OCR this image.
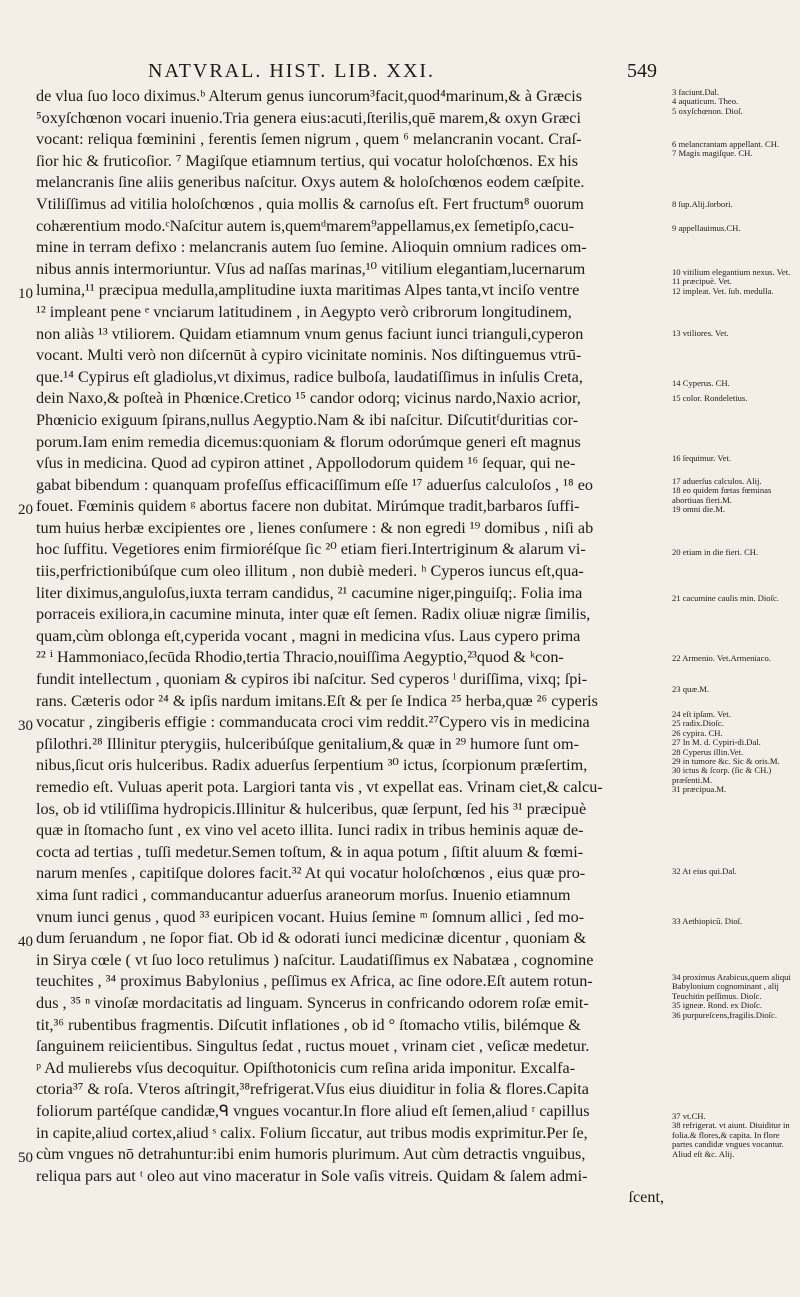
NATVRAL. HIST. LIB. XXI.	549
de vlua ſuo loco diximus.ᵇ Alterum genus iuncorum³facit,quod⁴marinum,& à Græcis
⁵oxyſchœnon vocari inuenio.Tria genera eius:acuti,ſterilis,quē marem,& oxyn Græci
vocant: reliqua fœminini , ferentis ſemen nigrum , quem ⁶ melancranin vocant. Craſ-
ſior hic & fruticoſior. ⁷ Magiſque etiamnum tertius, qui vocatur holoſchœnos. Ex his
melancranis ſine aliis generibus naſcitur. Oxys autem & holoſchœnos eodem cæſpite.
Vtiliſſimus ad vitilia holoſchœnos , quia mollis & carnoſus eſt. Fert fructum⁸ ouorum
cohærentium modo.ᶜNaſcitur autem is,quemᵈmarem⁹appellamus,ex ſemetipſo,cacu-
mine in terram defixo : melancranis autem ſuo ſemine. Alioquin omnium radices om-
nibus annis intermoriuntur. Vſus ad naſſas marinas,¹⁰ vitilium elegantiam,lucernarum
lumina,¹¹ præcipua medulla,amplitudine iuxta maritimas Alpes tanta,vt inciſo ventre
¹² impleant pene ᵉ vnciarum latitudinem , in Aegypto verò cribrorum longitudinem,
non aliàs ¹³ vtiliorem. Quidam etiamnum vnum genus faciunt iunci trianguli,cyperon
vocant. Multi verò non diſcernūt à cypiro vicinitate nominis. Nos diſtinguemus vtrū-
que.¹⁴ Cypirus eſt gladiolus,vt diximus, radice bulboſa, laudatiſſimus in inſulis Creta,
dein Naxo,& poſteà in Phœnice.Cretico ¹⁵ candor odorq; vicinus nardo,Naxio acrior,
Phœnicio exiguum ſpirans,nullus Aegyptio.Nam & ibi naſcitur. Diſcutitᶠduritias cor-
porum.Iam enim remedia dicemus:quoniam & florum odorúmque generi eſt magnus
vſus in medicina. Quod ad cypiron attinet , Appollodorum quidem ¹⁶ ſequar, qui ne-
gabat bibendum : quanquam profeſſus efficaciſſimum eſſe ¹⁷ aduerſus calculoſos , ¹⁸ eo
fouet. Fœminis quidem ᵍ abortus facere non dubitat. Mirúmque tradit,barbaros ſuffi-
tum huius herbæ excipientes ore , lienes conſumere : & non egredi ¹⁹ domibus , niſi ab
hoc ſuffitu. Vegetiores enim firmioréſque ſic ²⁰ etiam fieri.Intertriginum & alarum vi-
tiis,perfrictionibúſque cum oleo illitum , non dubiè mederi. ʰ Cyperos iuncus eſt,qua-
liter diximus,anguloſus,iuxta terram candidus, ²¹ cacumine niger,pinguiſq;. Folia ima
porraceis exiliora,in cacumine minuta, inter quæ eſt ſemen. Radix oliuæ nigræ ſimilis,
quam,cùm oblonga eſt,cyperida vocant , magni in medicina vſus. Laus cypero prima
²² ⁱ Hammoniaco,ſecūda Rhodio,tertia Thracio,nouiſſima Aegyptio,²³quod & ᵏcon-
fundit intellectum , quoniam & cypiros ibi naſcitur. Sed cyperos ˡ duriſſima, vixq; ſpi-
rans. Cæteris odor ²⁴ & ipſis nardum imitans.Eſt & per ſe Indica ²⁵ herba,quæ ²⁶ cyperis
vocatur , zingiberis effigie : commanducata croci vim reddit.²⁷Cypero vis in medicina
pſilothri.²⁸ Illinitur pterygiis, hulceribúſque genitalium,& quæ in ²⁹ humore ſunt om-
nibus,ſicut oris hulceribus. Radix aduerſus ſerpentium ³⁰ ictus, ſcorpionum præſertim,
remedio eſt. Vuluas aperit pota. Largiori tanta vis , vt expellat eas. Vrinam ciet,& calcu-
los, ob id vtiliſſima hydropicis.Illinitur & hulceribus, quæ ſerpunt, ſed his ³¹ præcipuè
quæ in ſtomacho ſunt , ex vino vel aceto illita. Iunci radix in tribus heminis aquæ de-
cocta ad tertias , tuſſi medetur.Semen toſtum, & in aqua potum , ſiſtit aluum & fœmi-
narum menſes , capitiſque dolores facit.³² At qui vocatur holoſchœnos , eius quæ pro-
xima ſunt radici , commanducantur aduerſus araneorum morſus. Inuenio etiamnum
vnum iunci genus , quod ³³ euripicen vocant. Huius ſemine ᵐ ſomnum allici , ſed mo-
dum ſeruandum , ne ſopor fiat. Ob id & odorati iunci medicinæ dicentur , quoniam &
in Sirya cœle ( vt ſuo loco retulimus ) naſcitur. Laudatiſſimus ex Nabatæa , cognomine
teuchites , ³⁴ proximus Babylonius , peſſimus ex Africa, ac ſine odore.Eſt autem rotun-
dus , ³⁵ ⁿ vinoſæ mordacitatis ad linguam. Syncerus in confricando odorem roſæ emit-
tit,³⁶ rubentibus fragmentis. Diſcutit inflationes , ob id ° ſtomacho vtilis, bilémque &
ſanguinem reiicientibus. Singultus ſedat , ructus mouet , vrinam ciet , veſicæ medetur.
ᵖ Ad mulierebs vſus decoquitur. Opiſthotonicis cum reſina arida imponitur. Excalfa-
ctoria³⁷ & roſa. Vteros aſtringit,³⁸refrigerat.Vſus eius diuiditur in folia & flores.Capita
foliorum partéſque candidæ,ᑫ vngues vocantur.In flore aliud eſt ſemen,aliud ʳ capillus
in capite,aliud cortex,aliud ˢ calix. Folium ſiccatur, aut tribus modis exprimitur.Per ſe,
cùm vngues nō detrahuntur:ibi enim humoris plurimum. Aut cùm detractis vnguibus,
reliqua pars aut ᵗ oleo aut vino maceratur in Sole vaſis vitreis. Quidam & ſalem admi-
ſcent,
10
20
30
40
50
3 faciunt.Dal.
4 aquaticum. Theo.
5 oxyſchœnon. Dioſ.
6 melancrantam appellant. CH.
7 Magis magiſque. CH.
8 ſup.Alij.ſorbori.
9 appellauimus.CH.
10 vitilium elegantium nexus. Vet.
11 præcipuè. Vet.
12 impleat. Vet. ſub. medulla.
13 vtiliores. Vet.
14 Cyperus. CH.
15 color. Rondeletius.
16 ſequimur. Vet.
17 aduerſus calculos. Alij.
18 eo quidem fœtas fœminas abortiuas fieri.M.
19 omni die.M.
20 etiam in die fieri. CH.
21 cacumine caulis min. Dioſc.
22 Armenio. Vet.Armeniaco.
23 quæ.M.
24 eſt ipſam. Vet.
25 radix.Dioſc.
26 cypira. CH.
27 In M. d. Cypiri-di.Dal.
28 Cyperus illin.Vet.
29 in tumore &c. Sic & oris.M.
30 ictus & ſcorp. (ſic & CH.) præſenti.M.
31 præcipua.M.
32 At eius qui.Dal.
33 Aethiopicū. Dioſ.
34 proximus Arabicus,quem aliqui Babylonium cognominant , alij Teuchitin peſſimus. Dioſc.
35 igneæ. Rond. ex Dioſc.
36 purpureſcens,fragilis.Dioſc.
37 vt.CH.
38 refrigerat. vt aiunt. Diuiditur in folia.& flores,& capita. In flore partes candidæ vngues vocantur. Aliud eſt &c. Alij.
